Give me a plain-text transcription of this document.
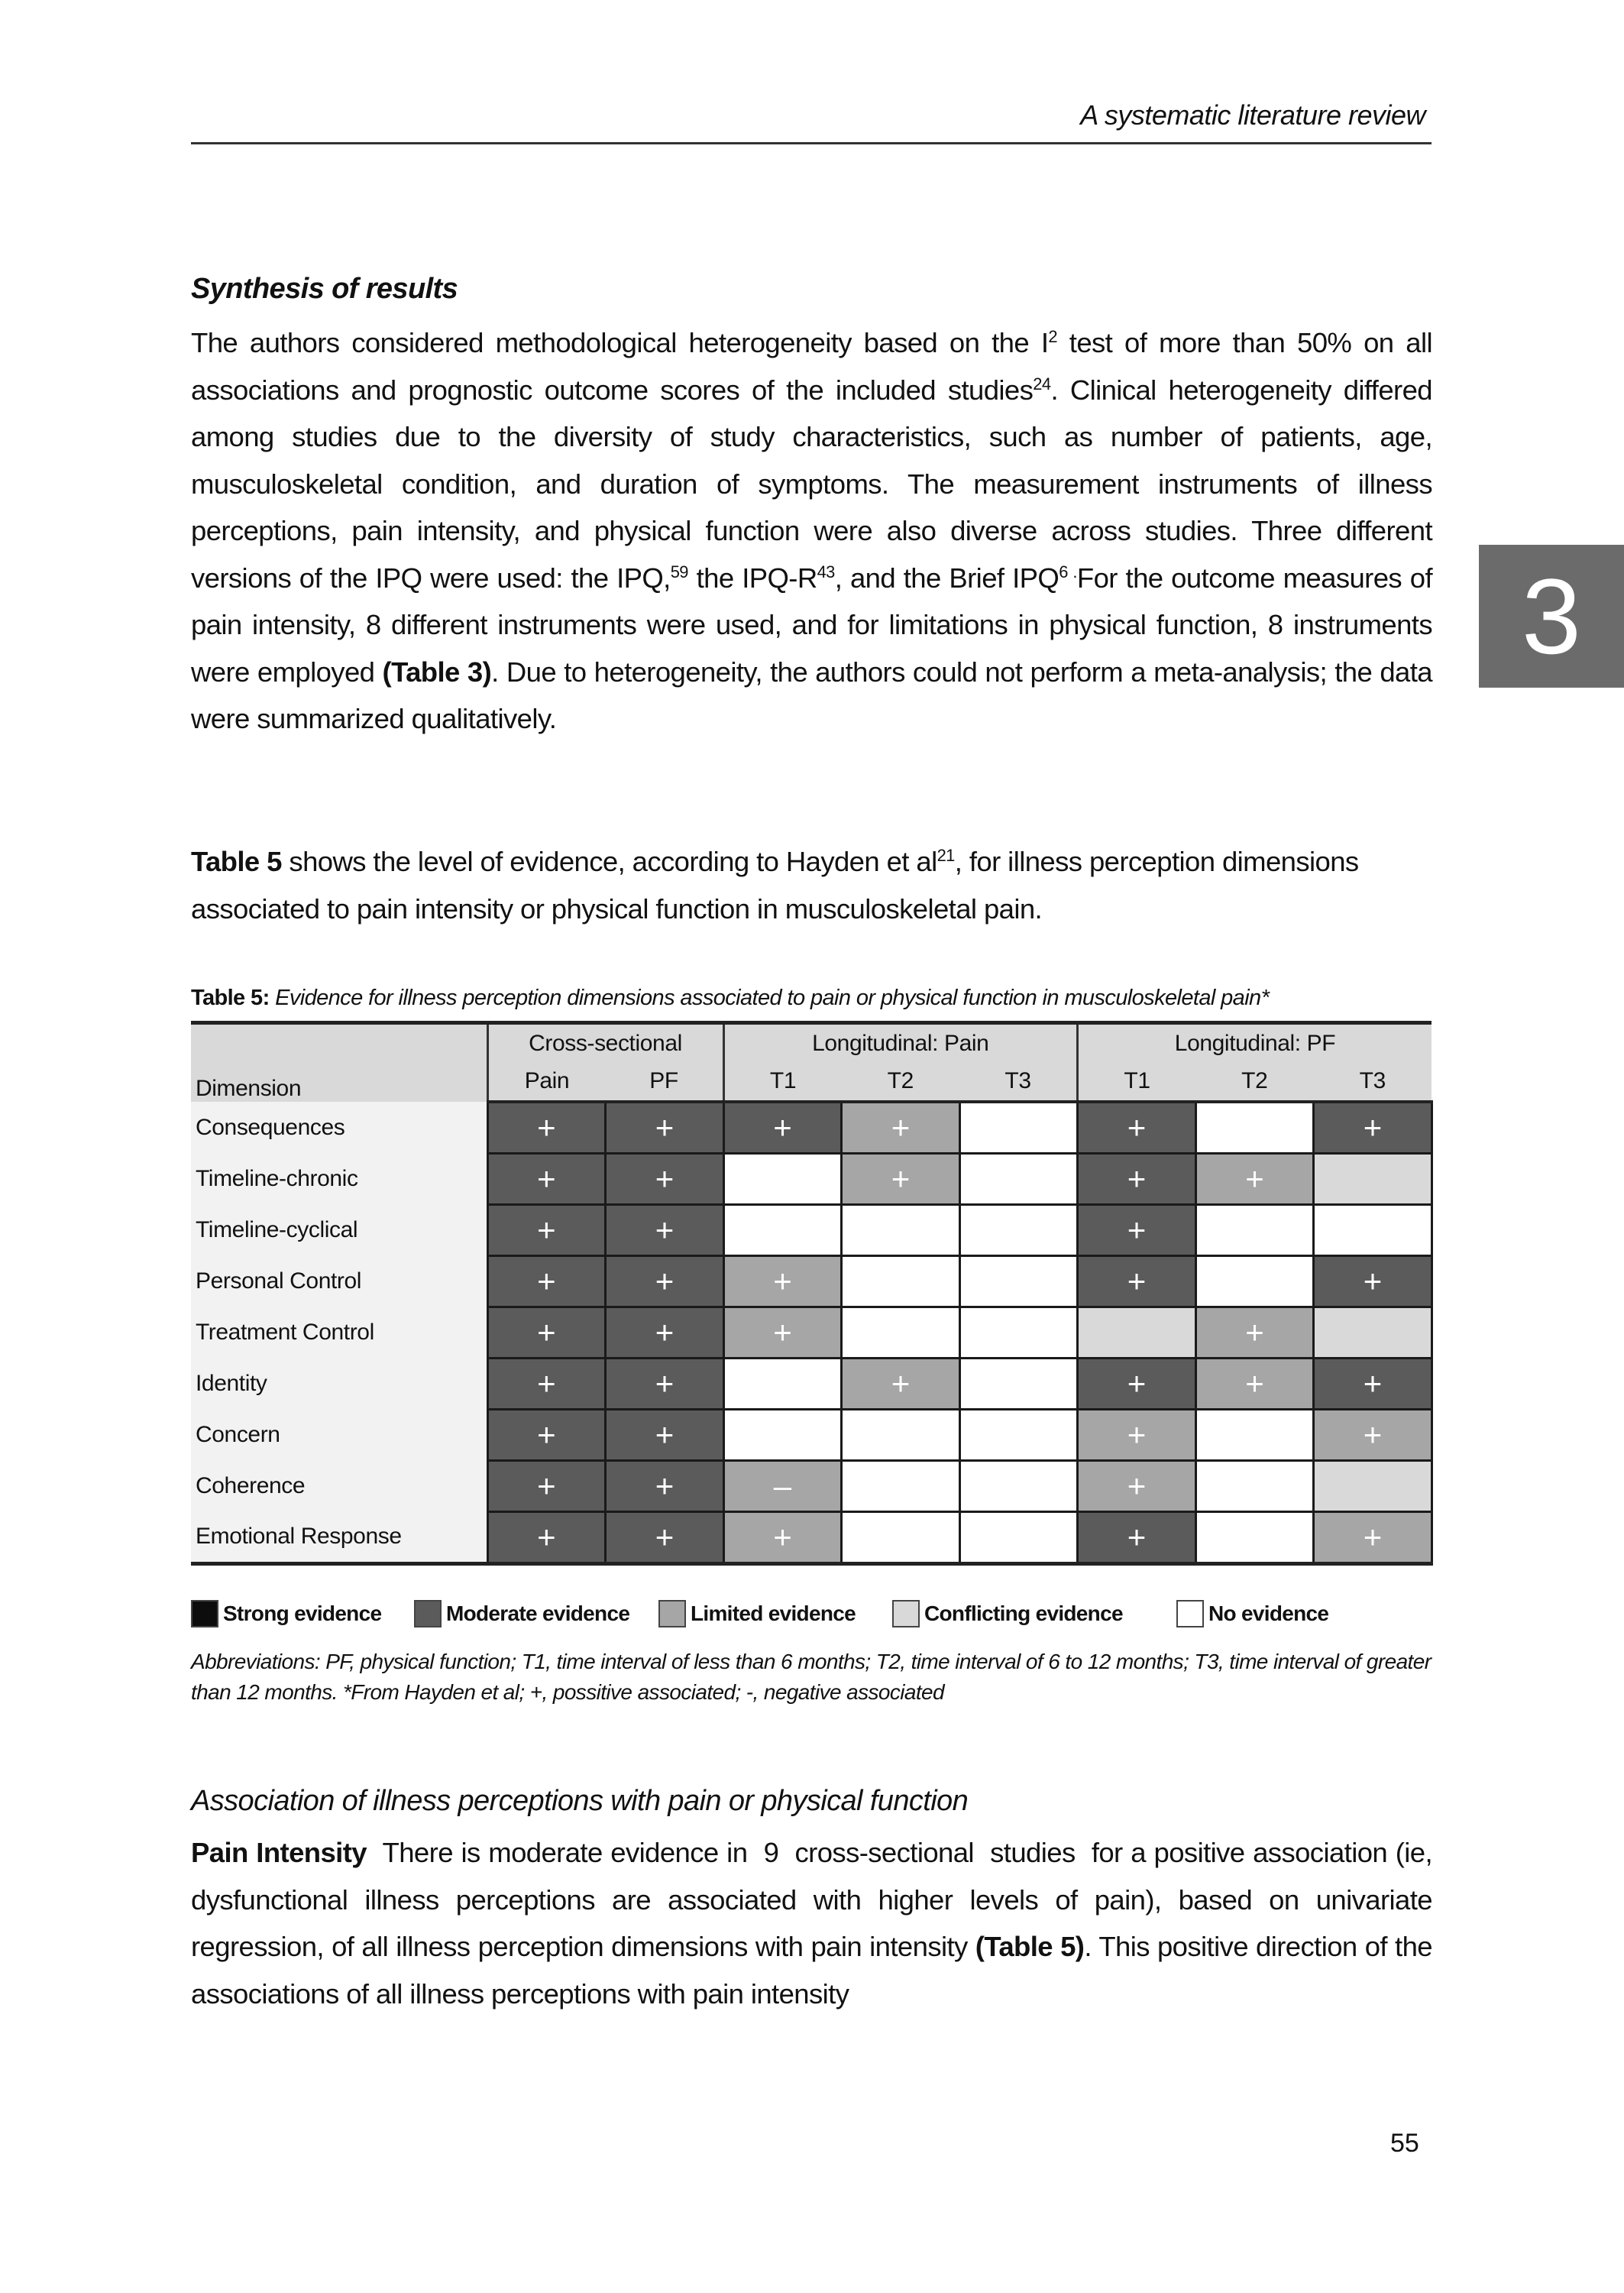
A systematic literature review
3
Synthesis of results
The authors considered methodological heterogeneity based on the $I^2$ test of more than 50% on all associations and prognostic outcome scores of the included studies$^{24}$. Clinical heterogeneity differed among studies due to the diversity of study characteristics, such as number of patients, age, musculoskeletal condition, and duration of symptoms. The measurement instruments of illness perceptions, pain intensity, and physical function were also diverse across studies. Three different versions of the IPQ were used: the IPQ,$^{59}$ the IPQ-$R^{43}$, and the Brief $IPQ^{6 .}For$ the outcome measures of pain intensity, 8 different instruments were used, and for limitations in physical function, 8 instruments were employed (Table 3). Due to heterogeneity, the authors could not perform a meta-analysis; the data were summarized qualitatively.
Table 5 shows the level of evidence, according to Hayden et $al^{21}$, for illness perception dimensions associated to pain intensity or physical function in musculoskeletal pain.
Table 5: Evidence for illness perception dimensions associated to pain or physical function in musculoskeletal pain*
Dimension	Cross-sectional		Longitudinal: Pain			Longitudinal: PF		
	Pain	PF	T1	T2	T3	T1	T2	T3
Consequences	+	+	+	+		+		+
Timeline-chronic	+	+		+		+	+	
Timeline-cyclical	+	+				+		
Personal Control	+	+	+			+		+
Treatment Control	+	+	+				+	
Identity	+	+		+		+	+	+
Concern	+	+				+		+
Coherence	+	+	–			+		
Emotional Response	+	+	+			+		+
Strong evidence	Moderate evidence	Limited evidence	Conflicting evidence	No evidence
Abbreviations: PF, physical function; T1, time interval of less than 6 months; T2, time interval of 6 to 12 months; T3, time interval of greater than 12 months. *From Hayden et al; +, possitive associated; -, negative associated
Association of illness perceptions with pain or physical function
Pain Intensity  There is moderate evidence in  9  cross-sectional  studies  for a positive association (ie, dysfunctional illness perceptions are associated with higher levels of pain), based on univariate regression, of all illness perception dimensions with pain intensity (Table 5). This positive direction of the associations of all illness perceptions with pain intensity
55
